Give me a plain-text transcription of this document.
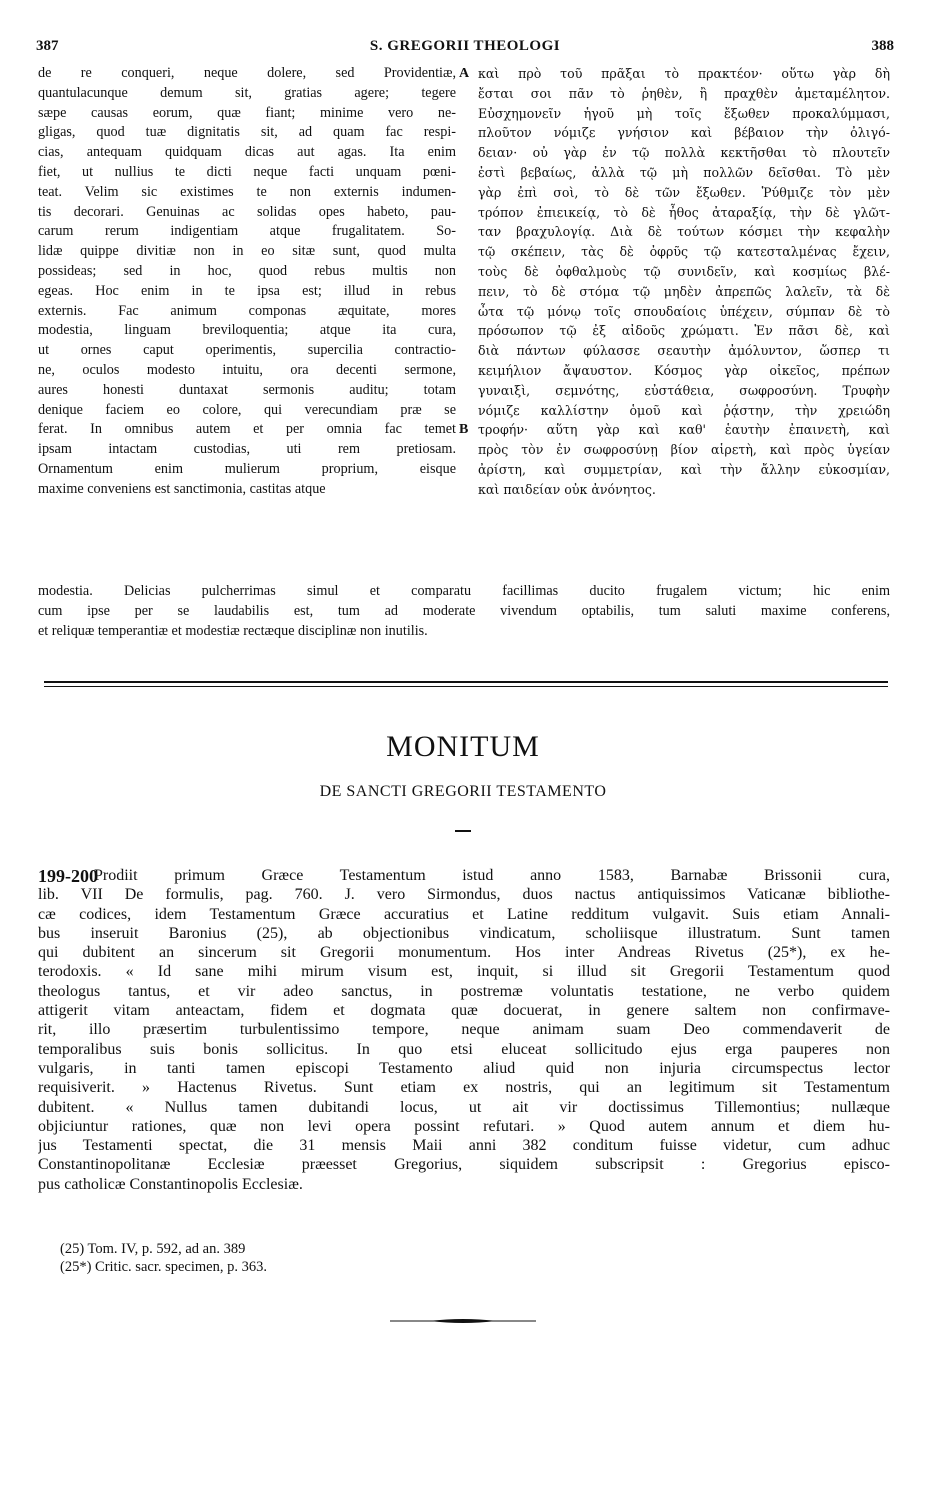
387	S. GREGORII THEOLOGI	388
de re conqueri, neque dolere, sed Providentiæ,
quantulacunque demum sit, gratias agere; tegere
sæpe causas eorum, quæ fiant; minime vero ne-
gligas, quod tuæ dignitatis sit, ad quam fac respi-
cias, antequam quidquam dicas aut agas. Ita enim
fiet, ut nullius te dicti neque facti unquam pœni-
teat. Velim sic existimes te non externis indumen-
tis decorari. Genuinas ac solidas opes habeto, pau-
carum rerum indigentiam atque frugalitatem. So-
lidæ quippe divitiæ non in eo sitæ sunt, quod multa
possideas; sed in hoc, quod rebus multis non
egeas. Hoc enim in te ipsa est; illud in rebus
externis. Fac animum componas æquitate, mores
modestia, linguam breviloquentia; atque ita cura,
ut ornes caput operimentis, supercilia contractio-
ne, oculos modesto intuitu, ora decenti sermone,
aures honesti duntaxat sermonis auditu; totam
denique faciem eo colore, qui verecundiam præ se
ferat. In omnibus autem et per omnia fac temet
ipsam intactam custodias, uti rem pretiosam.
Ornamentum enim mulierum proprium, eisque
maxime conveniens est sanctimonia, castitas atque
A
B
καὶ πρὸ τοῦ πρᾶξαι τὸ πρακτέον· οὕτω γὰρ δὴ
ἔσται σοι πᾶν τὸ ῥηθὲν, ἢ πραχθὲν ἀμεταμέλητον.
Εὐσχημονεῖν ἡγοῦ μὴ τοῖς ἔξωθεν προκαλύμμασι,
πλοῦτον νόμιζε γνήσιον καὶ βέβαιον τὴν ὀλιγό-
δειαν· οὐ γὰρ ἐν τῷ πολλὰ κεκτῆσθαι τὸ πλουτεῖν
ἐστὶ βεβαίως, ἀλλὰ τῷ μὴ πολλῶν δεῖσθαι. Τὸ μὲν
γὰρ ἐπὶ σοὶ, τὸ δὲ τῶν ἔξωθεν. Ῥύθμιζε τὸν μὲν
τρόπον ἐπιεικείᾳ, τὸ δὲ ἦθος ἀταραξίᾳ, τὴν δὲ γλῶτ-
ταν βραχυλογίᾳ. Διὰ δὲ τούτων κόσμει τὴν κεφαλὴν
τῷ σκέπειν, τὰς δὲ ὀφρῦς τῷ κατεσταλμένας ἔχειν,
τοὺς δὲ ὀφθαλμοὺς τῷ συνιδεῖν, καὶ κοσμίως βλέ-
πειν, τὸ δὲ στόμα τῷ μηδὲν ἀπρεπῶς λαλεῖν, τὰ δὲ
ὦτα τῷ μόνῳ τοῖς σπουδαίοις ὑπέχειν, σύμπαν δὲ τὸ
πρόσωπον τῷ ἐξ αἰδοῦς χρώματι. Ἐν πᾶσι δὲ, καὶ
διὰ πάντων φύλασσε σεαυτὴν ἀμόλυντον, ὥσπερ τι
κειμήλιον ἄψαυστον. Κόσμος γὰρ οἰκεῖος, πρέπων
γυναιξὶ, σεμνότης, εὐστάθεια, σωφροσύνη. Τρυφὴν
νόμιζε καλλίστην ὁμοῦ καὶ ῥᾴστην, τὴν χρειώδη
τροφήν· αὕτη γὰρ καὶ καθ' ἑαυτὴν ἐπαινετὴ, καὶ
πρὸς τὸν ἐν σωφροσύνῃ βίον αἱρετὴ, καὶ πρὸς ὑγείαν
ἀρίστη, καὶ συμμετρίαν, καὶ τὴν ἄλλην εὐκοσμίαν,
καὶ παιδείαν οὐκ ἀνόνητος.
modestia. Delicias pulcherrimas simul et comparatu facillimas ducito frugalem victum; hic enim
cum ipse per se laudabilis est, tum ad moderate vivendum optabilis, tum saluti maxime conferens,
et reliquæ temperantiæ et modestiæ rectæque disciplinæ non inutilis.
MONITUM
DE SANCTI GREGORII TESTAMENTO
199-200
Prodiit primum Græce Testamentum istud anno 1583, Barnabæ Brissonii cura,
lib. VII De formulis, pag. 760. J. vero Sirmondus, duos nactus antiquissimos Vaticanæ bibliothe-
cæ codices, idem Testamentum Græce accuratius et Latine redditum vulgavit. Suis etiam Annali-
bus inseruit Baronius (25), ab objectionibus vindicatum, scholiisque illustratum. Sunt tamen
qui dubitent an sincerum sit Gregorii monumentum. Hos inter Andreas Rivetus (25*), ex he-
terodoxis. « Id sane mihi mirum visum est, inquit, si illud sit Gregorii Testamentum quod
theologus tantus, et vir adeo sanctus, in postremæ voluntatis testatione, ne verbo quidem
attigerit vitam anteactam, fidem et dogmata quæ docuerat, in genere saltem non confirmave-
rit, illo præsertim turbulentissimo tempore, neque animam suam Deo commendaverit de
temporalibus suis bonis sollicitus. In quo etsi eluceat sollicitudo ejus erga pauperes non
vulgaris, in tanti tamen episcopi Testamento aliud quid non injuria circumspectus lector
requisiverit. » Hactenus Rivetus. Sunt etiam ex nostris, qui an legitimum sit Testamentum
dubitent. « Nullus tamen dubitandi locus, ut ait vir doctissimus Tillemontius; nullæque
objiciuntur rationes, quæ non levi opera possint refutari. » Quod autem annum et diem hu-
jus Testamenti spectat, die 31 mensis Maii anni 382 conditum fuisse videtur, cum adhuc
Constantinopolitanæ Ecclesiæ præesset Gregorius, siquidem subscripsit : Gregorius episco-
pus catholicæ Constantinopolis Ecclesiæ.
(25) Tom. IV, p. 592, ad an. 389
(25*) Critic. sacr. specimen, p. 363.
